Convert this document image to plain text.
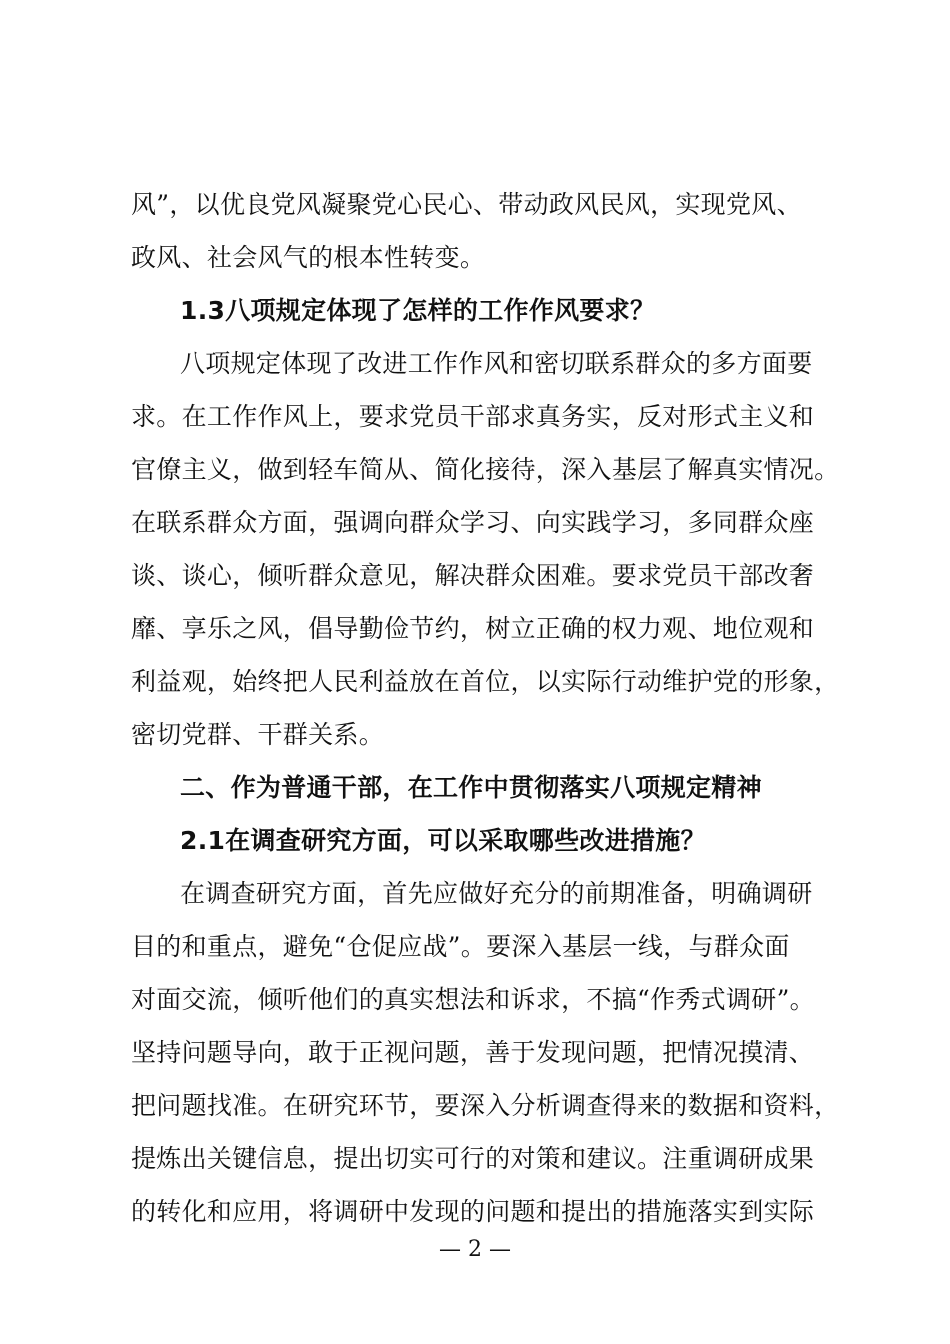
风”，以优良党风凝聚党心民心、带动政风民风，实现党风、
政风、社会风气的根本性转变。
1.3八项规定体现了怎样的工作作风要求？
八项规定体现了改进工作作风和密切联系群众的多方面要
求。在工作作风上，要求党员干部求真务实，反对形式主义和
官僚主义，做到轻车简从、简化接待，深入基层了解真实情况。
在联系群众方面，强调向群众学习、向实践学习，多同群众座
谈、谈心，倾听群众意见，解决群众困难。要求党员干部改奢
靡、享乐之风，倡导勤俭节约，树立正确的权力观、地位观和
利益观，始终把人民利益放在首位，以实际行动维护党的形象，
密切党群、干群关系。
二、作为普通干部，在工作中贯彻落实八项规定精神
2.1在调查研究方面，可以采取哪些改进措施？
在调查研究方面，首先应做好充分的前期准备，明确调研
目的和重点，避免“仓促应战”。要深入基层一线，与群众面
对面交流，倾听他们的真实想法和诉求，不搞“作秀式调研”。
坚持问题导向，敢于正视问题，善于发现问题，把情况摸清、
把问题找准。在研究环节，要深入分析调查得来的数据和资料，
提炼出关键信息，提出切实可行的对策和建议。注重调研成果
的转化和应用，将调研中发现的问题和提出的措施落实到实际
— 2 —
